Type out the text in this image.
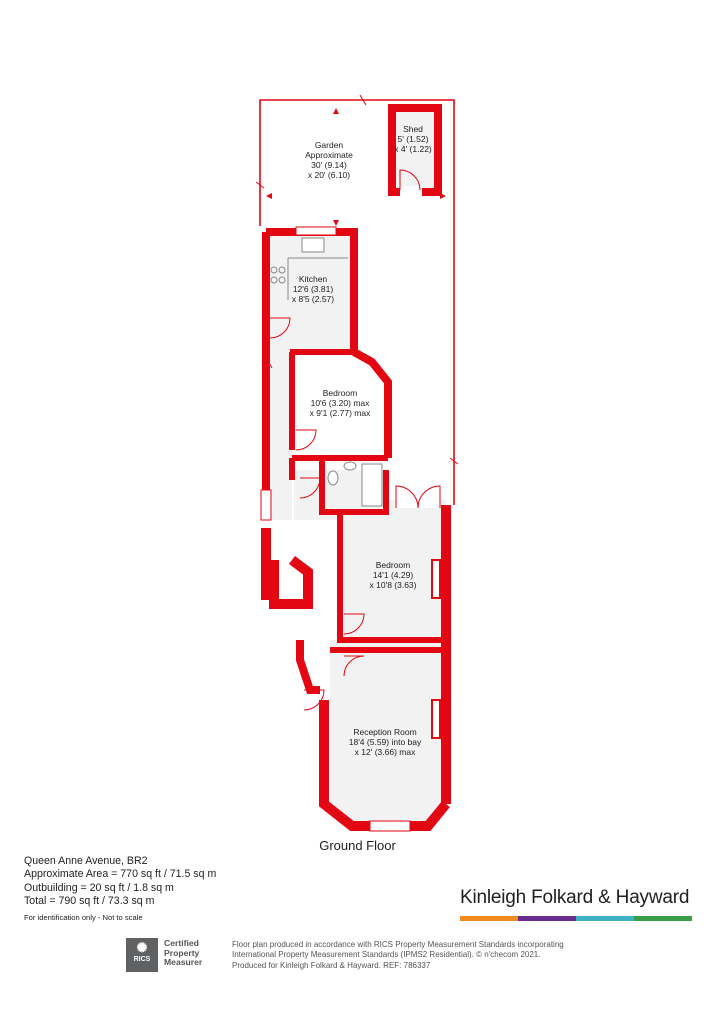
Garden
Approximate
30' (9.14)
x 20' (6.10)
Shed
5' (1.52)
x 4' (1.22)
Kitchen
12'6 (3.81)
x 8'5 (2.57)
Bedroom
10'6 (3.20) max
x 9'1 (2.77) max
Bedroom
14'1 (4.29)
x 10'8 (3.63)
Reception Room
18'4 (5.59) into bay
x 12' (3.66) max
Ground Floor
Queen Anne Avenue, BR2
Approximate Area = 770 sq ft / 71.5 sq m
Outbuilding = 20 sq ft / 1.8 sq m
Total = 790 sq ft / 73.3 sq m
For identification only - Not to scale
Kinleigh Folkard & Hayward
✺
RICS
Certified
Property
Measurer
Floor plan produced in accordance with RICS Property Measurement Standards incorporating
International Property Measurement Standards (IPMS2 Residential). © n'checom 2021.
Produced for Kinleigh Folkard & Hayward. REF: 786337
